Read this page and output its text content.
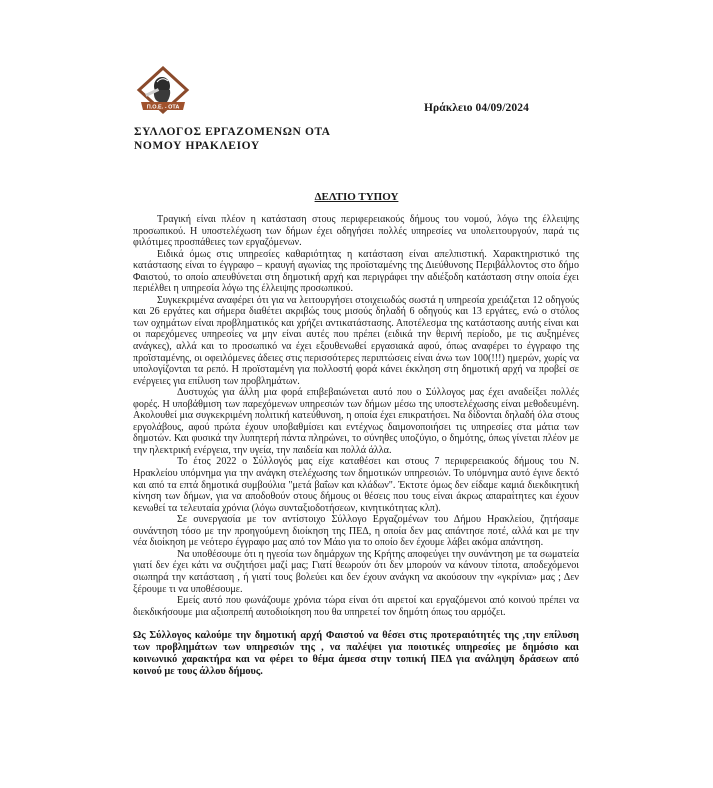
Π.Ο.Ε. - ΟΤΑ	Ηράκλειο 04/09/2024
ΣΥΛΛΟΓΟΣ ΕΡΓΑΖΟΜΕΝΩΝ ΟΤΑ
ΝΟΜΟΥ ΗΡΑΚΛΕΙΟΥ
ΔΕΛΤΙΟ ΤΥΠΟΥ

Τραγική είναι πλέον η κατάσταση στους περιφερειακούς δήμους του νομού, λόγω της έλλειψης προσωπικού. Η υποστελέχωση των δήμων έχει οδηγήσει πολλές υπηρεσίες να υπολειτουργούν, παρά τις φιλότιμες προσπάθειες των εργαζόμενων.

Ειδικά όμως στις υπηρεσίες καθαριότητας η κατάσταση είναι απελπιστική. Χαρακτηριστικό της κατάστασης είναι το έγγραφο – κραυγή αγωνίας της προϊσταμένης της Διεύθυνσης Περιβάλλοντος στο δήμο Φαιστού, το οποίο απευθύνεται στη δημοτική αρχή και περιγράφει την αδιέξοδη κατάσταση στην οποία έχει περιέλθει η υπηρεσία λόγω της έλλειψης προσωπικού.

Συγκεκριμένα αναφέρει ότι για να λειτουργήσει στοιχειωδώς σωστά η υπηρεσία χρειάζεται 12 οδηγούς και 26 εργάτες και σήμερα διαθέτει ακριβώς τους μισούς δηλαδή 6 οδηγούς και 13 εργάτες, ενώ ο στόλος των οχημάτων είναι προβληματικός και χρήζει αντικατάστασης. Αποτέλεσμα της κατάστασης αυτής είναι και οι παρεχόμενες υπηρεσίες να μην είναι αυτές που πρέπει (ειδικά την θερινή περίοδο, με τις αυξημένες ανάγκες), αλλά και το προσωπικό να έχει εξουθενωθεί εργασιακά αφού, όπως αναφέρει το έγγραφο της προϊσταμένης, οι οφειλόμενες άδειες στις περισσότερες περιπτώσεις είναι άνω των 100(!!!) ημερών, χωρίς να υπολογίζονται τα ρεπό. Η προϊσταμένη για πολλοστή φορά κάνει έκκληση στη δημοτική αρχή να προβεί σε ενέργειες για επίλυση των προβλημάτων.

Δυστυχώς για άλλη μια φορά επιβεβαιώνεται αυτό που ο Σύλλογος μας έχει αναδείξει πολλές φορές. Η υποβάθμιση των παρεχόμενων υπηρεσιών των δήμων μέσω της υποστελέχωσης είναι μεθοδευμένη. Ακολουθεί μια συγκεκριμένη πολιτική κατεύθυνση, η οποία έχει επικρατήσει. Να δίδονται δηλαδή όλα στους εργολάβους, αφού πρώτα έχουν υποβαθμίσει και εντέχνως δαιμονοποιήσει τις υπηρεσίες στα μάτια των δημοτών. Και φυσικά την λυπητερή πάντα πληρώνει, το σύνηθες υποζύγιο, ο δημότης, όπως γίνεται πλέον με την ηλεκτρική ενέργεια, την υγεία, την παιδεία και πολλά άλλα.

Το έτος 2022 ο Σύλλογός μας είχε καταθέσει και στους 7 περιφερειακούς δήμους του Ν. Ηρακλείου υπόμνημα για την ανάγκη στελέχωσης των δημοτικών υπηρεσιών. Το υπόμνημα αυτό έγινε δεκτό και από τα επτά δημοτικά συμβούλια "μετά βαΐων και κλάδων". Έκτοτε όμως δεν είδαμε καμιά διεκδικητική κίνηση των δήμων, για να αποδοθούν στους δήμους οι θέσεις που τους είναι άκρως απαραίτητες και έχουν κενωθεί τα τελευταία χρόνια (λόγω συνταξιοδοτήσεων, κινητικότητας κλπ).

Σε συνεργασία με τον αντίστοιχο Σύλλογο Εργαζομένων του Δήμου Ηρακλείου, ζητήσαμε συνάντηση τόσο με την προηγούμενη διοίκηση της ΠΕΔ, η οποία δεν μας απάντησε ποτέ, αλλά και με την νέα διοίκηση με νεότερο έγγραφο μας από τον Μάιο για το οποίο δεν έχουμε λάβει ακόμα απάντηση.

Να υποθέσουμε ότι η ηγεσία των δημάρχων της Κρήτης αποφεύγει την συνάντηση με τα σωματεία γιατί δεν έχει κάτι να συζητήσει μαζί μας; Γιατί θεωρούν ότι δεν μπορούν να κάνουν τίποτα, αποδεχόμενοι σιωπηρά την κατάσταση , ή γιατί τους βολεύει και δεν έχουν ανάγκη να ακούσουν την «γκρίνια» μας ; Δεν ξέρουμε τι να υποθέσουμε.

Εμείς αυτό που φωνάζουμε χρόνια τώρα είναι ότι αιρετοί και εργαζόμενοι από κοινού πρέπει να διεκδικήσουμε μια αξιοπρεπή αυτοδιοίκηση που θα υπηρετεί τον δημότη όπως του αρμόζει.

Ως Σύλλογος καλούμε την δημοτική αρχή Φαιστού να θέσει στις προτεραιότητές της ,την επίλυση των προβλημάτων των υπηρεσιών της , να παλέψει για ποιοτικές υπηρεσίες με δημόσιο και κοινωνικό χαρακτήρα και να φέρει το θέμα άμεσα στην τοπική ΠΕΔ για ανάληψη δράσεων από κοινού με τους άλλου δήμους.
